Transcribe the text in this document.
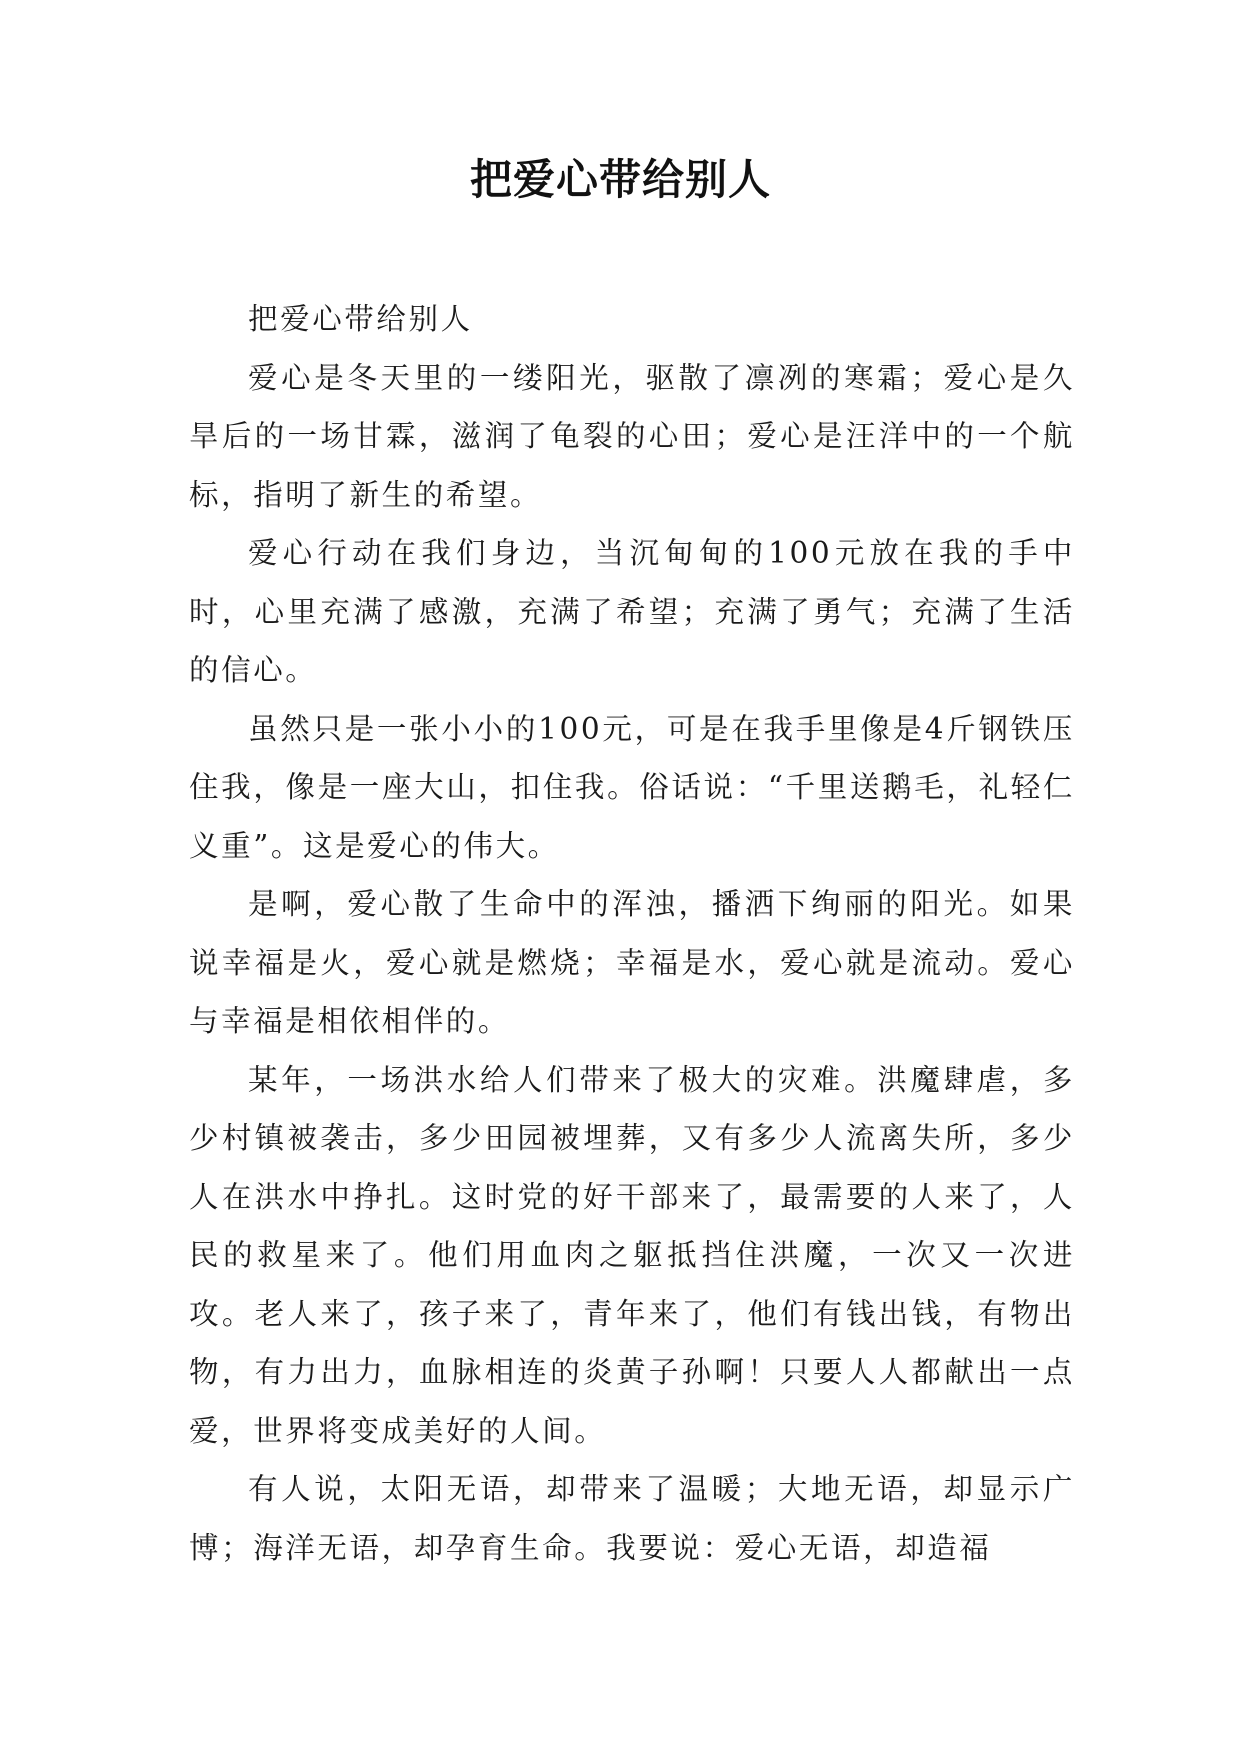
把爱心带给别人

把爱心带给别人

爱心是冬天里的一缕阳光，驱散了凛冽的寒霜；爱心是久旱后的一场甘霖，滋润了龟裂的心田；爱心是汪洋中的一个航标，指明了新生的希望。

爱心行动在我们身边，当沉甸甸的100元放在我的手中时，心里充满了感激，充满了希望；充满了勇气；充满了生活的信心。

虽然只是一张小小的100元，可是在我手里像是4斤钢铁压住我，像是一座大山，扣住我。俗话说：“千里送鹅毛，礼轻仁义重”。这是爱心的伟大。

是啊，爱心散了生命中的浑浊，播洒下绚丽的阳光。如果说幸福是火，爱心就是燃烧；幸福是水，爱心就是流动。爱心与幸福是相依相伴的。

某年，一场洪水给人们带来了极大的灾难。洪魔肆虐，多少村镇被袭击，多少田园被埋葬，又有多少人流离失所，多少人在洪水中挣扎。这时党的好干部来了，最需要的人来了，人民的救星来了。他们用血肉之躯抵挡住洪魔，一次又一次进攻。老人来了，孩子来了，青年来了，他们有钱出钱，有物出物，有力出力，血脉相连的炎黄子孙啊！只要人人都献出一点爱，世界将变成美好的人间。

有人说，太阳无语，却带来了温暖；大地无语，却显示广博；海洋无语，却孕育生命。我要说：爱心无语，却造福
